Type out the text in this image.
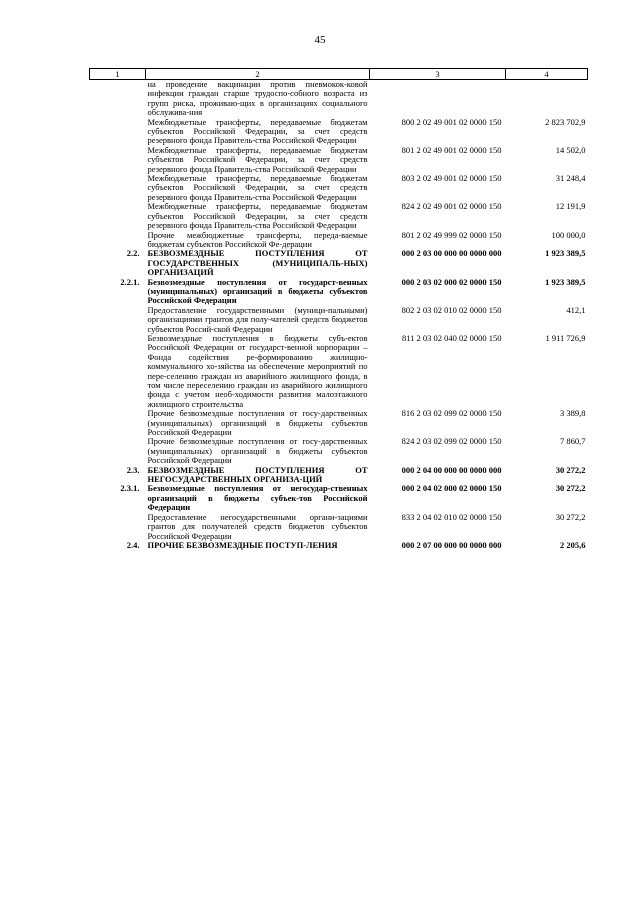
45
1	2	3	4
	на проведение вакцинации против пневмокок-ковой инфекции граждан старше трудоспо-собного возраста из групп риска, проживаю-щих в организациях социального обслужива-ния		
	Межбюджетные трансферты, передаваемые бюджетам субъектов Российской Федерации, за счет средств резервного фонда Правитель-ства Российской Федерации	800 2 02 49 001 02 0000 150	2 823 702,9
	Межбюджетные трансферты, передаваемые бюджетам субъектов Российской Федерации, за счет средств резервного фонда Правитель-ства Российской Федерации	801 2 02 49 001 02 0000 150	14 502,0
	Межбюджетные трансферты, передаваемые бюджетам субъектов Российской Федерации, за счет средств резервного фонда Правитель-ства Российской Федерации	803 2 02 49 001 02 0000 150	31 248,4
	Межбюджетные трансферты, передаваемые бюджетам субъектов Российской Федерации, за счет средств резервного фонда Правитель-ства Российской Федерации	824 2 02 49 001 02 0000 150	12 191,9
	Прочие межбюджетные трансферты, переда-ваемые бюджетам субъектов Российской Фе-дерации	801 2 02 49 999 02 0000 150	100 000,0
2.2.	БЕЗВОЗМЕЗДНЫЕ ПОСТУПЛЕНИЯ ОТ ГОСУДАРСТВЕННЫХ (МУНИЦИПАЛЬ-НЫХ) ОРГАНИЗАЦИЙ	000 2 03 00 000 00 0000 000	1 923 389,5
2.2.1.	Безвозмездные поступления от государст-венных (муниципальных) организаций в бюджеты субъектов Российской Федерации	000 2 03 02 000 02 0000 150	1 923 389,5
	Предоставление государственными (муници-пальными) организациями грантов для полу-чателей средств бюджетов субъектов Россий-ской Федерации	802 2 03 02 010 02 0000 150	412,1
	Безвозмездные поступления в бюджеты субъ-ектов Российской Федерации от государст-венной корпорации – Фонда содействия ре-формированию жилищно-коммунального хо-зяйства на обеспечение мероприятий по пере-селению граждан из аварийного жилищного фонда, в том числе переселению граждан из аварийного жилищного фонда с учетом необ-ходимости развития малоэтажного жилищного строительства	811 2 03 02 040 02 0000 150	1 911 726,9
	Прочие безвозмездные поступления от госу-дарственных (муниципальных) организаций в бюджеты субъектов Российской Федерации	816 2 03 02 099 02 0000 150	3 389,8
	Прочие безвозмездные поступления от госу-дарственных (муниципальных) организаций в бюджеты субъектов Российской Федерации	824 2 03 02 099 02 0000 150	7 860,7
2.3.	БЕЗВОЗМЕЗДНЫЕ ПОСТУПЛЕНИЯ ОТ НЕГОСУДАРСТВЕННЫХ ОРГАНИЗА-ЦИЙ	000 2 04 00 000 00 0000 000	30 272,2
2.3.1.	Безвозмездные поступления от негосудар-ственных организаций в бюджеты субъек-тов Российской Федерации	000 2 04 02 000 02 0000 150	30 272,2
	Предоставление негосударственными органи-зациями грантов для получателей средств бюджетов субъектов Российской Федерации	833 2 04 02 010 02 0000 150	30 272,2
2.4.	ПРОЧИЕ БЕЗВОЗМЕЗДНЫЕ ПОСТУП-ЛЕНИЯ	000 2 07 00 000 00 0000 000	2 205,6
